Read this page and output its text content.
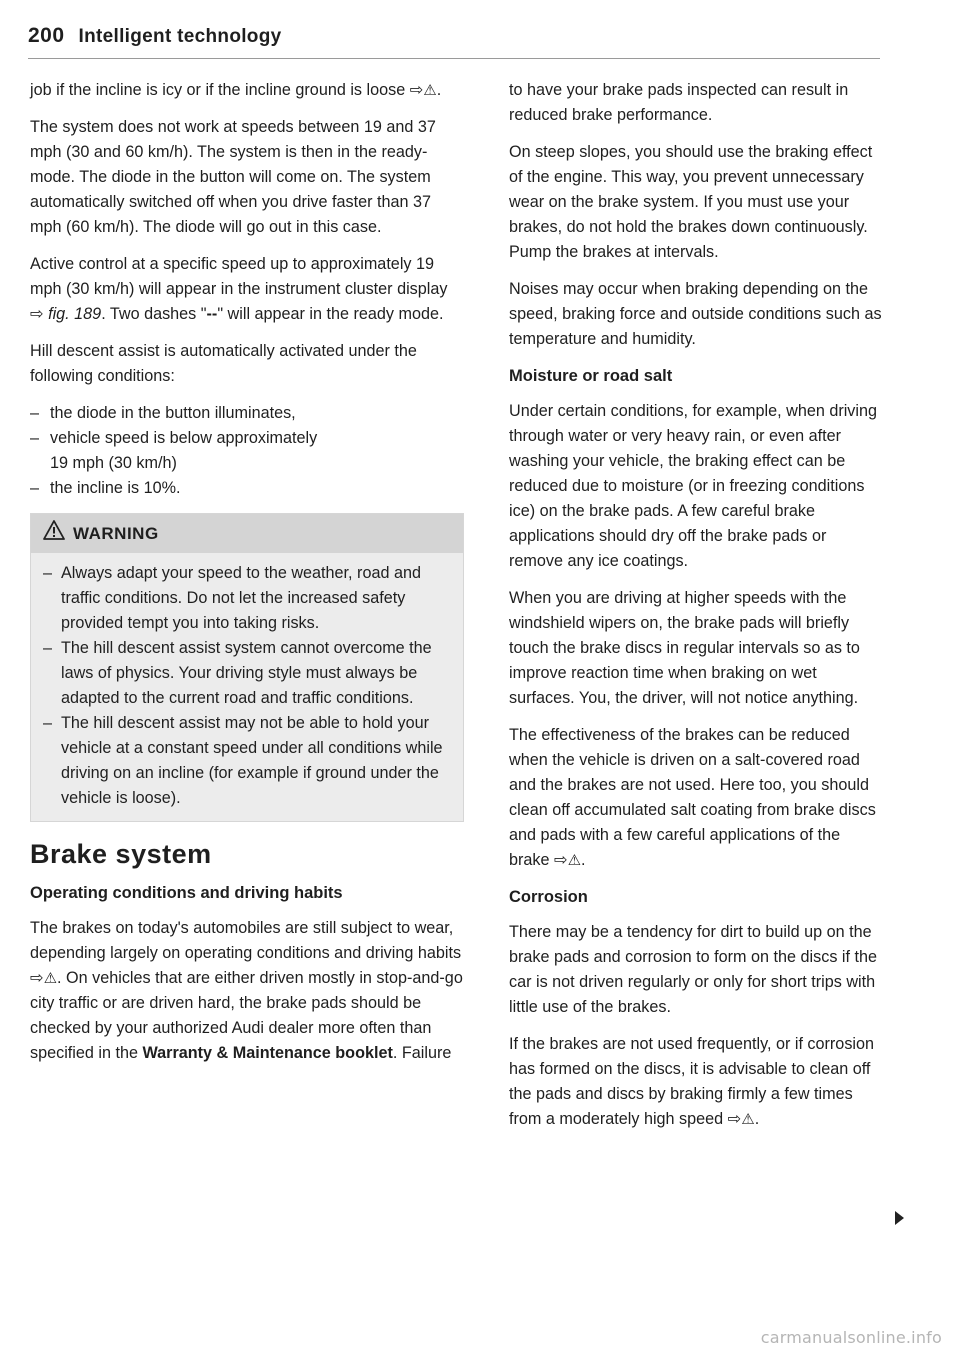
200 Intelligent technology

job if the incline is icy or if the incline ground is loose ⇨⚠.

The system does not work at speeds between 19 and 37 mph (30 and 60 km/h). The system is then in the ready-mode. The diode in the button will come on. The system automatically switched off when you drive faster than 37 mph (60 km/h). The diode will go out in this case.

Active control at a specific speed up to approximately 19 mph (30 km/h) will appear in the instrument cluster display ⇨ fig. 189. Two dashes "--" will appear in the ready mode.

Hill descent assist is automatically activated under the following conditions:

– the diode in the button illuminates,
– vehicle speed is below approximately
19 mph (30 km/h)
– the incline is 10%.
WARNING
– Always adapt your speed to the weather, road and traffic conditions. Do not let the increased safety provided tempt you into taking risks.
– The hill descent assist system cannot overcome the laws of physics. Your driving style must always be adapted to the current road and traffic conditions.
– The hill descent assist may not be able to hold your vehicle at a constant speed under all conditions while driving on an incline (for example if ground under the vehicle is loose).
Brake system
Operating conditions and driving habits

The brakes on today's automobiles are still subject to wear, depending largely on operating conditions and driving habits ⇨⚠. On vehicles that are either driven mostly in stop-and-go city traffic or are driven hard, the brake pads should be checked by your authorized Audi dealer more often than specified in the Warranty & Maintenance booklet. Failure

to have your brake pads inspected can result in reduced brake performance.

On steep slopes, you should use the braking effect of the engine. This way, you prevent unnecessary wear on the brake system. If you must use your brakes, do not hold the brakes down continuously. Pump the brakes at intervals.

Noises may occur when braking depending on the speed, braking force and outside conditions such as temperature and humidity.

Moisture or road salt

Under certain conditions, for example, when driving through water or very heavy rain, or even after washing your vehicle, the braking effect can be reduced due to moisture (or in freezing conditions ice) on the brake pads. A few careful brake applications should dry off the brake pads or remove any ice coatings.

When you are driving at higher speeds with the windshield wipers on, the brake pads will briefly touch the brake discs in regular intervals so as to improve reaction time when braking on wet surfaces. You, the driver, will not notice anything.

The effectiveness of the brakes can be reduced when the vehicle is driven on a salt-covered road and the brakes are not used. Here too, you should clean off accumulated salt coating from brake discs and pads with a few careful applications of the brake ⇨⚠.

Corrosion

There may be a tendency for dirt to build up on the brake pads and corrosion to form on the discs if the car is not driven regularly or only for short trips with little use of the brakes.

If the brakes are not used frequently, or if corrosion has formed on the discs, it is advisable to clean off the pads and discs by braking firmly a few times from a moderately high speed ⇨⚠.

carmanualsonline.info
